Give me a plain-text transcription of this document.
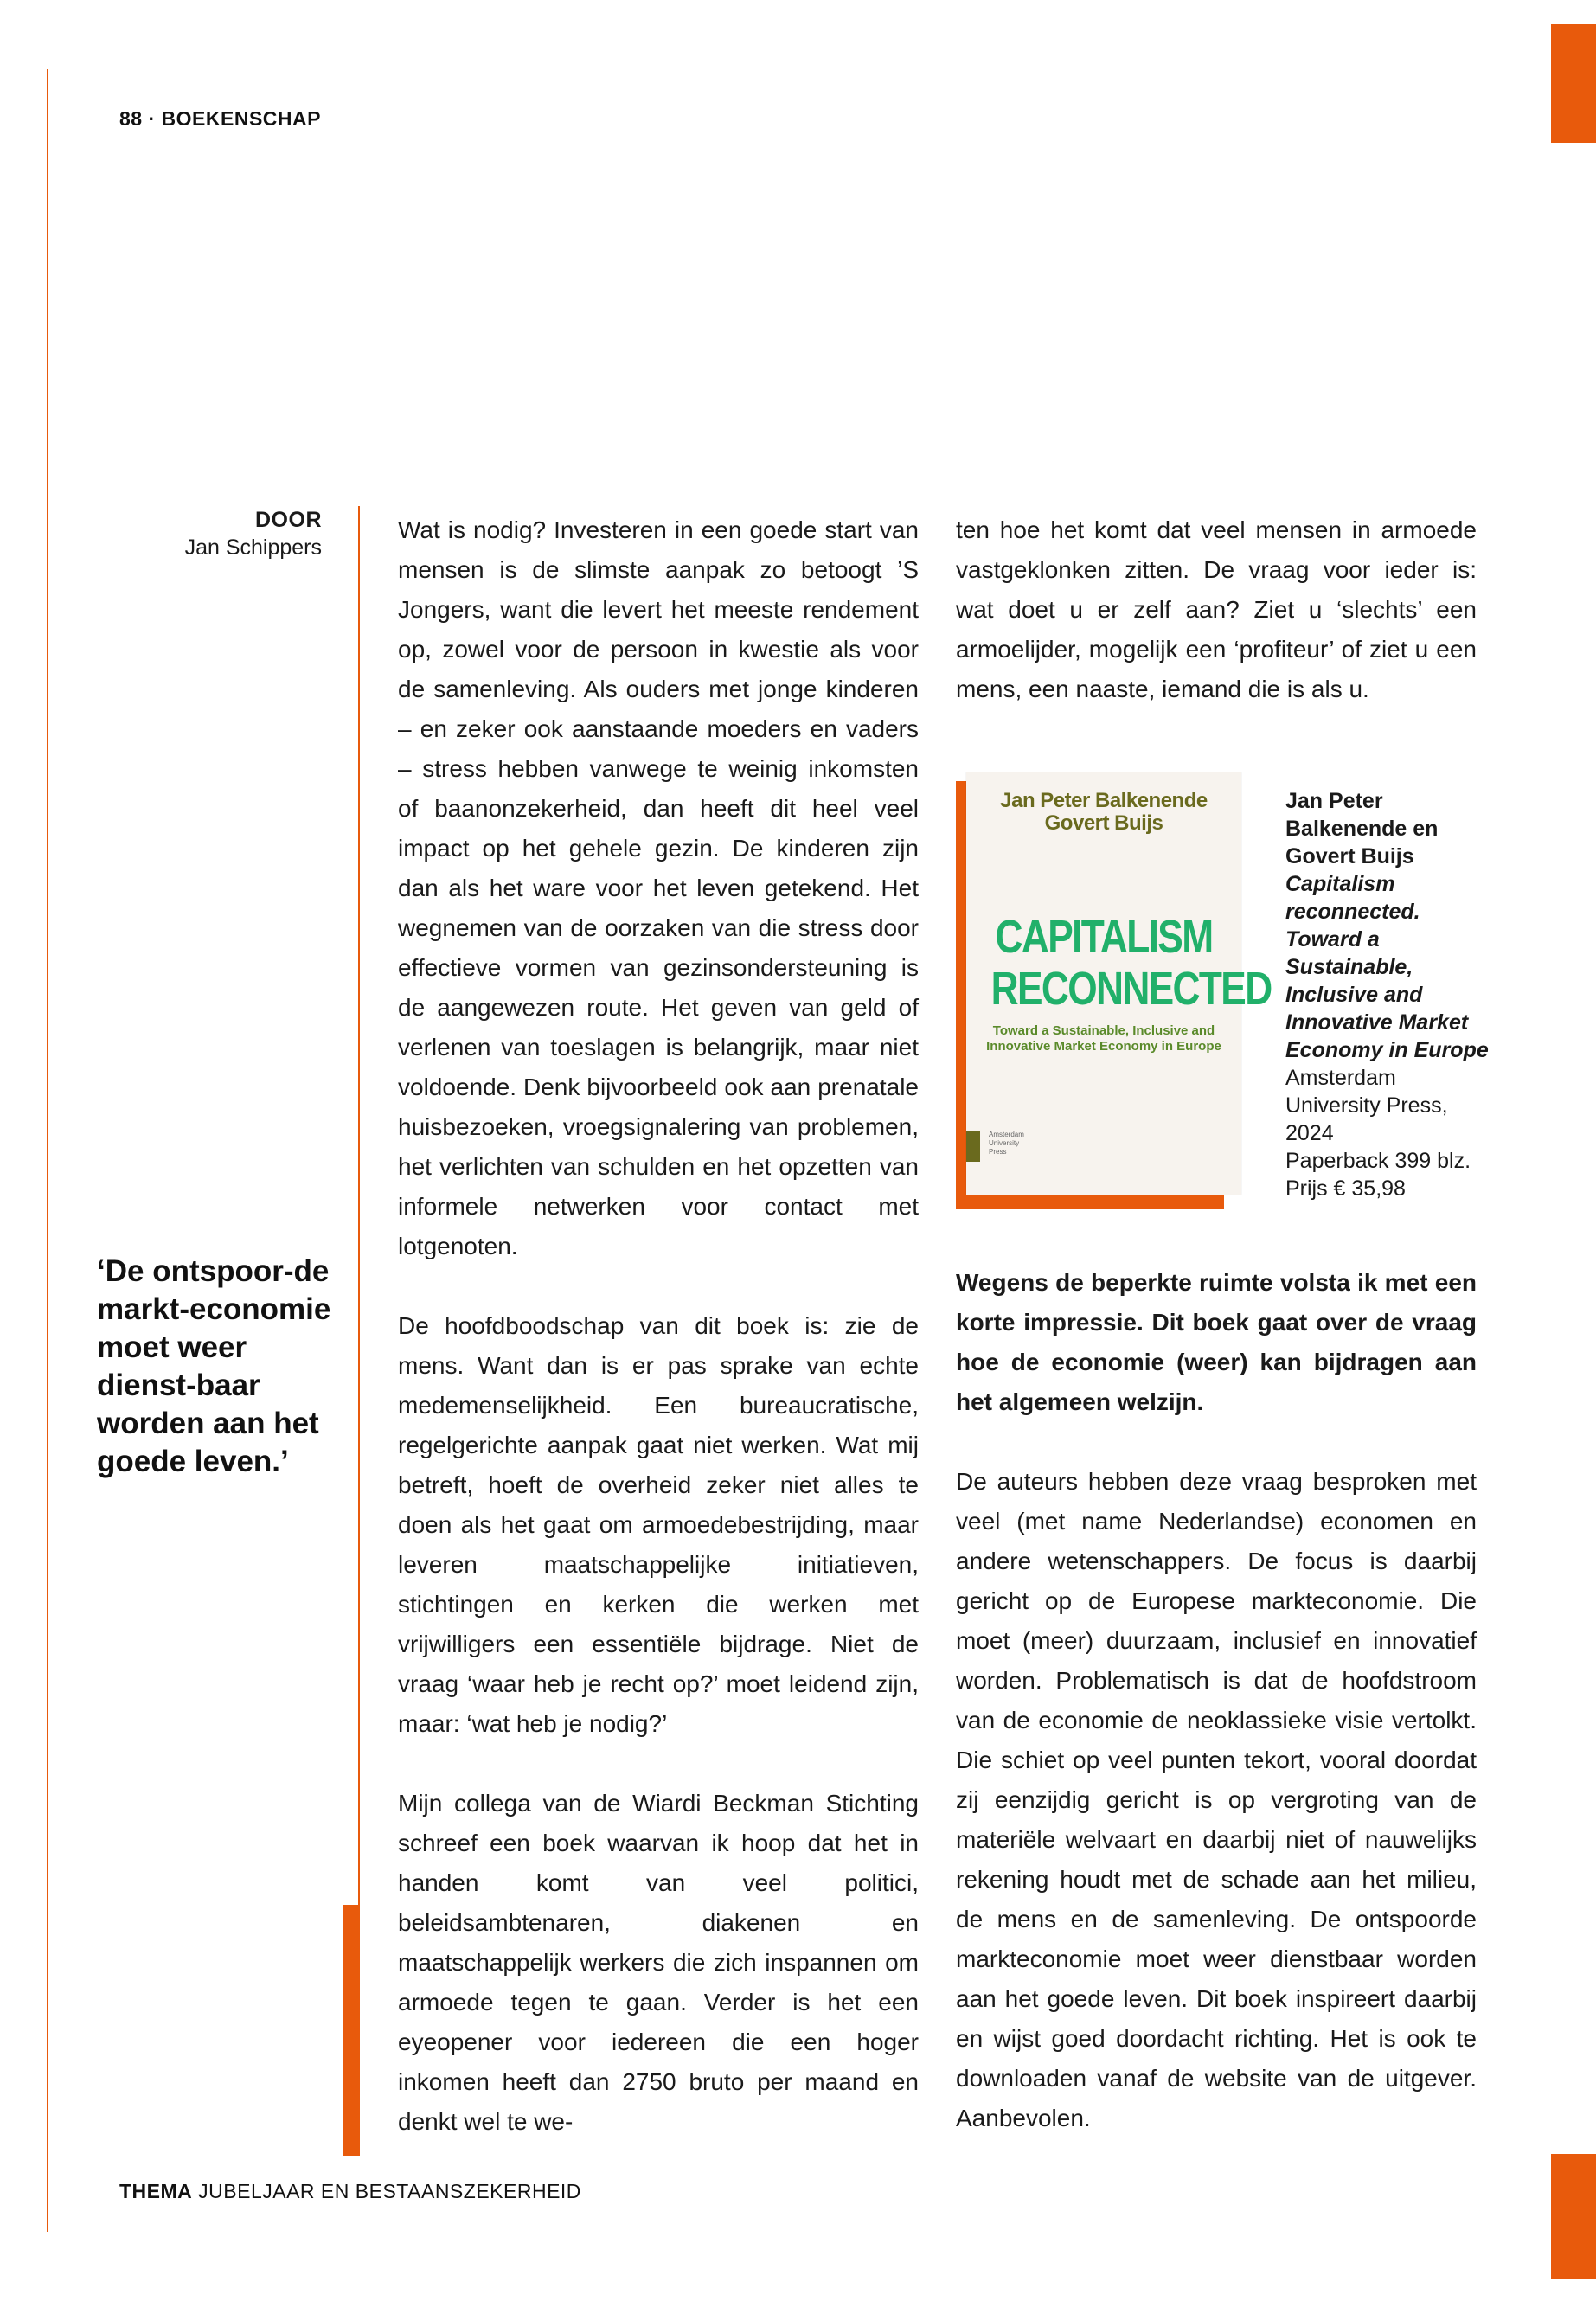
88 · BOEKENSCHAP
DOOR
Jan Schippers
‘De ontspoor-de markt-economie moet weer dienst-baar worden aan het goede leven.’

Wat is nodig? Investeren in een goede start van mensen is de slimste aanpak zo betoogt ’S Jongers, want die levert het meeste rendement op, zowel voor de persoon in kwestie als voor de samenleving. Als ouders met jonge kinderen – en zeker ook aanstaande moeders en vaders – stress hebben vanwege te weinig inkomsten of baanonzekerheid, dan heeft dit heel veel impact op het gehele gezin. De kinderen zijn dan als het ware voor het leven getekend. Het wegnemen van de oorzaken van die stress door effectieve vormen van gezinsondersteuning is de aangewezen route. Het geven van geld of verlenen van toeslagen is belangrijk, maar niet voldoende. Denk bijvoorbeeld ook aan prenatale huisbezoeken, vroegsignalering van problemen, het verlichten van schulden en het opzetten van informele netwerken voor contact met lotgenoten.

De hoofdboodschap van dit boek is: zie de mens. Want dan is er pas sprake van echte medemenselijkheid. Een bureaucratische, regelgerichte aanpak gaat niet werken. Wat mij betreft, hoeft de overheid zeker niet alles te doen als het gaat om armoedebestrijding, maar leveren maatschappelijke initiatieven, stichtingen en kerken die werken met vrijwilligers een essentiële bijdrage. Niet de vraag ‘waar heb je recht op?’ moet leidend zijn, maar: ‘wat heb je nodig?’

Mijn collega van de Wiardi Beckman Stichting schreef een boek waarvan ik hoop dat het in handen komt van veel politici, beleidsambtenaren, diakenen en maatschappelijk werkers die zich inspannen om armoede tegen te gaan. Verder is het een eyeopener voor iedereen die een hoger inkomen heeft dan 2750 bruto per maand en denkt wel te we-

ten hoe het komt dat veel mensen in armoede vastgeklonken zitten. De vraag voor ieder is: wat doet u er zelf aan? Ziet u ‘slechts’ een armoelijder, mogelijk een ‘profiteur’ of ziet u een mens, een naaste, iemand die is als u.

Wegens de beperkte ruimte volsta ik met een korte impressie. Dit boek gaat over de vraag hoe de economie (weer) kan bijdragen aan het algemeen welzijn.

De auteurs hebben deze vraag besproken met veel (met name Nederlandse) economen en andere wetenschappers. De focus is daarbij gericht op de Europese markteconomie. Die moet (meer) duurzaam, inclusief en innovatief worden. Problematisch is dat de hoofdstroom van de economie de neoklassieke visie vertolkt. Die schiet op veel punten tekort, vooral doordat zij eenzijdig gericht is op vergroting van de materiële welvaart en daarbij niet of nauwelijks rekening houdt met de schade aan het milieu, de mens en de samenleving. De ontspoorde markteconomie moet weer dienstbaar worden aan het goede leven. Dit boek inspireert daarbij en wijst goed doordacht richting. Het is ook te downloaden vanaf de website van de uitgever. Aanbevolen.

Jan Peter Balkenende
Govert Buijs
CAPITALISM
RECONNECTED
Toward a Sustainable, Inclusive and
Innovative Market Economy in Europe
Amsterdam
University
Press
Jan Peter Balkenende en Govert Buijs
Capitalism reconnected. Toward a Sustainable, Inclusive and Innovative Market Economy in Europe
Amsterdam University Press, 2024
Paperback 399 blz.
Prijs € 35,98
THEMA JUBELJAAR EN BESTAANSZEKERHEID
